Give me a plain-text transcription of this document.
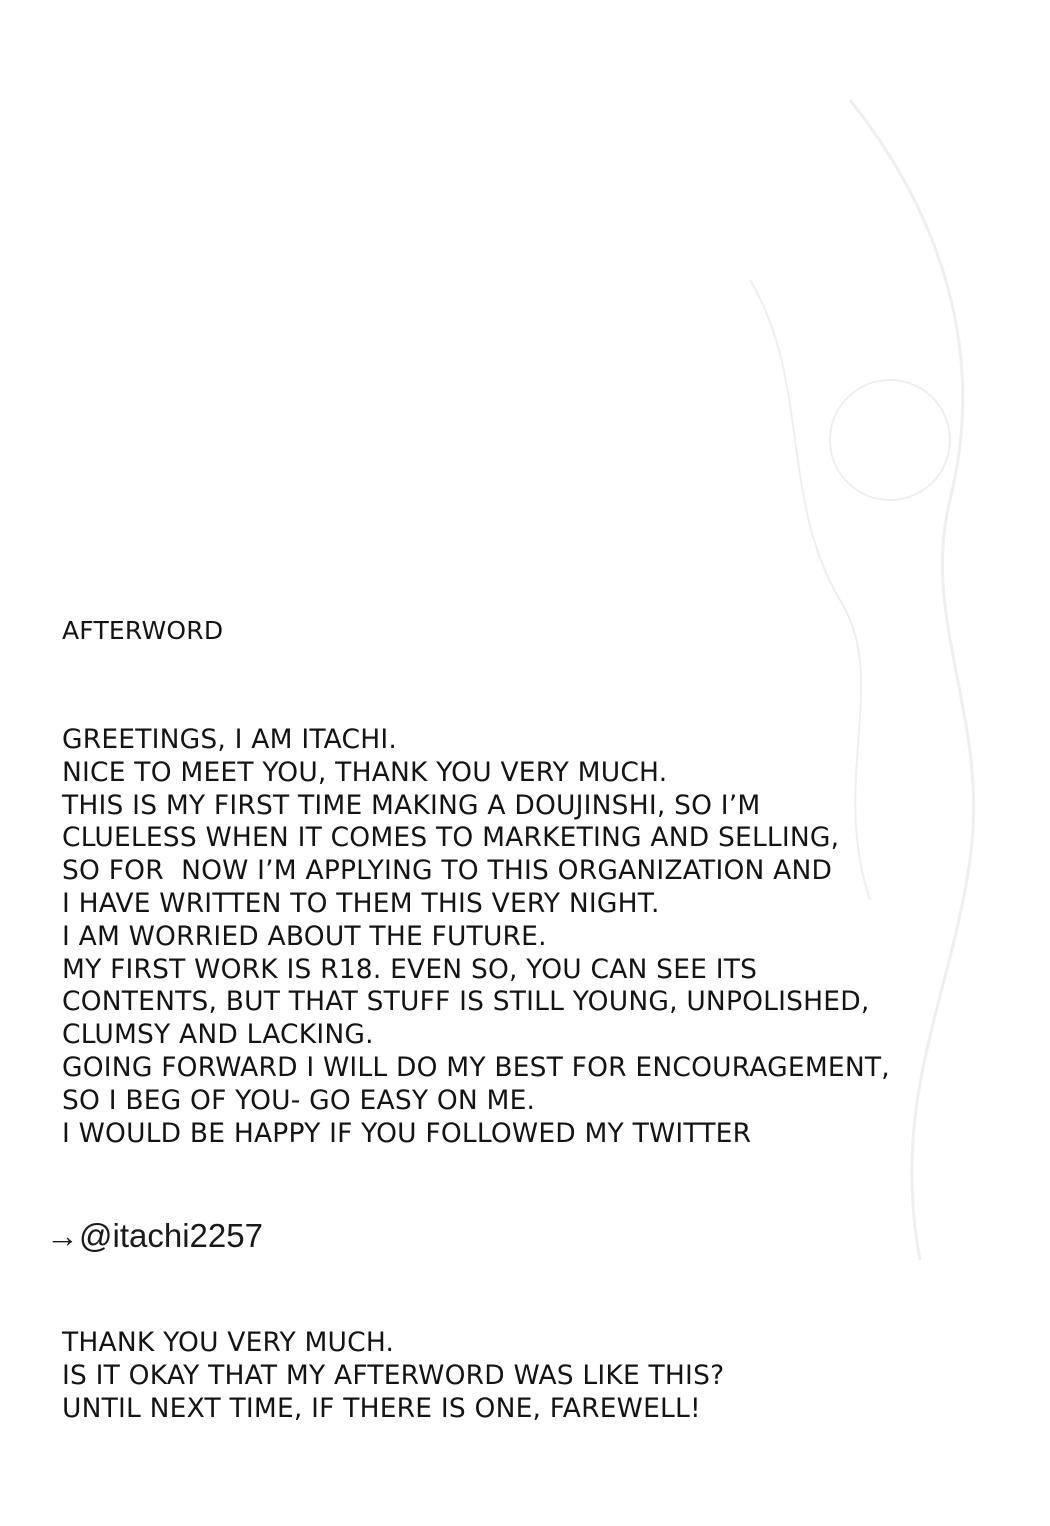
AFTERWORD
GREETINGS, I AM ITACHI.
NICE TO MEET YOU, THANK YOU VERY MUCH.
THIS IS MY FIRST TIME MAKING A DOUJINSHI, SO I’M
CLUELESS WHEN IT COMES TO MARKETING AND SELLING,
SO FOR  NOW I’M APPLYING TO THIS ORGANIZATION AND
I HAVE WRITTEN TO THEM THIS VERY NIGHT.
I AM WORRIED ABOUT THE FUTURE.
MY FIRST WORK IS R18. EVEN SO, YOU CAN SEE ITS
CONTENTS, BUT THAT STUFF IS STILL YOUNG, UNPOLISHED,
CLUMSY AND LACKING.
GOING FORWARD I WILL DO MY BEST FOR ENCOURAGEMENT,
SO I BEG OF YOU- GO EASY ON ME.
I WOULD BE HAPPY IF YOU FOLLOWED MY TWITTER
→@itachi2257
THANK YOU VERY MUCH.
IS IT OKAY THAT MY AFTERWORD WAS LIKE THIS?
UNTIL NEXT TIME, IF THERE IS ONE, FAREWELL!
